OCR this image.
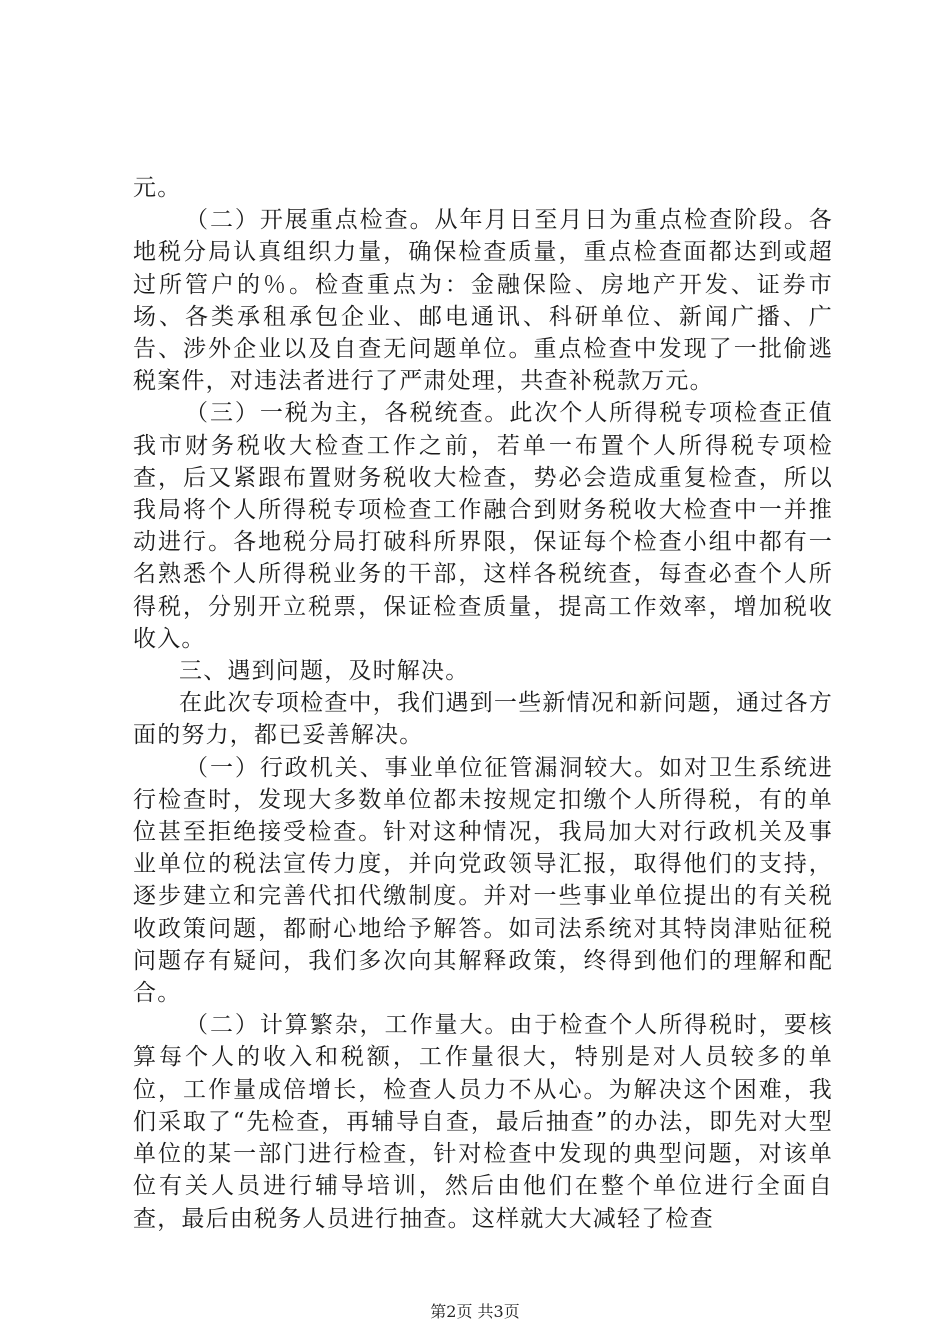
元。

（二）开展重点检查。从年月日至月日为重点检查阶段。各地税分局认真组织力量，确保检查质量，重点检查面都达到或超过所管户的％。检查重点为：金融保险、房地产开发、证券市场、各类承租承包企业、邮电通讯、科研单位、新闻广播、广告、涉外企业以及自查无问题单位。重点检查中发现了一批偷逃税案件，对违法者进行了严肃处理，共查补税款万元。

（三）一税为主，各税统查。此次个人所得税专项检查正值我市财务税收大检查工作之前，若单一布置个人所得税专项检查，后又紧跟布置财务税收大检查，势必会造成重复检查，所以我局将个人所得税专项检查工作融合到财务税收大检查中一并推动进行。各地税分局打破科所界限，保证每个检查小组中都有一名熟悉个人所得税业务的干部，这样各税统查，每查必查个人所得税，分别开立税票，保证检查质量，提高工作效率，增加税收收入。

三、遇到问题，及时解决。

在此次专项检查中，我们遇到一些新情况和新问题，通过各方面的努力，都已妥善解决。

（一）行政机关、事业单位征管漏洞较大。如对卫生系统进行检查时，发现大多数单位都未按规定扣缴个人所得税，有的单位甚至拒绝接受检查。针对这种情况，我局加大对行政机关及事业单位的税法宣传力度，并向党政领导汇报，取得他们的支持，逐步建立和完善代扣代缴制度。并对一些事业单位提出的有关税收政策问题，都耐心地给予解答。如司法系统对其特岗津贴征税问题存有疑问，我们多次向其解释政策，终得到他们的理解和配合。

（二）计算繁杂，工作量大。由于检查个人所得税时，要核算每个人的收入和税额，工作量很大，特别是对人员较多的单位，工作量成倍增长，检查人员力不从心。为解决这个困难，我们采取了“先检查，再辅导自查，最后抽查”的办法，即先对大型单位的某一部门进行检查，针对检查中发现的典型问题，对该单位有关人员进行辅导培训，然后由他们在整个单位进行全面自查，最后由税务人员进行抽查。这样就大大减轻了检查

第2页 共3页
